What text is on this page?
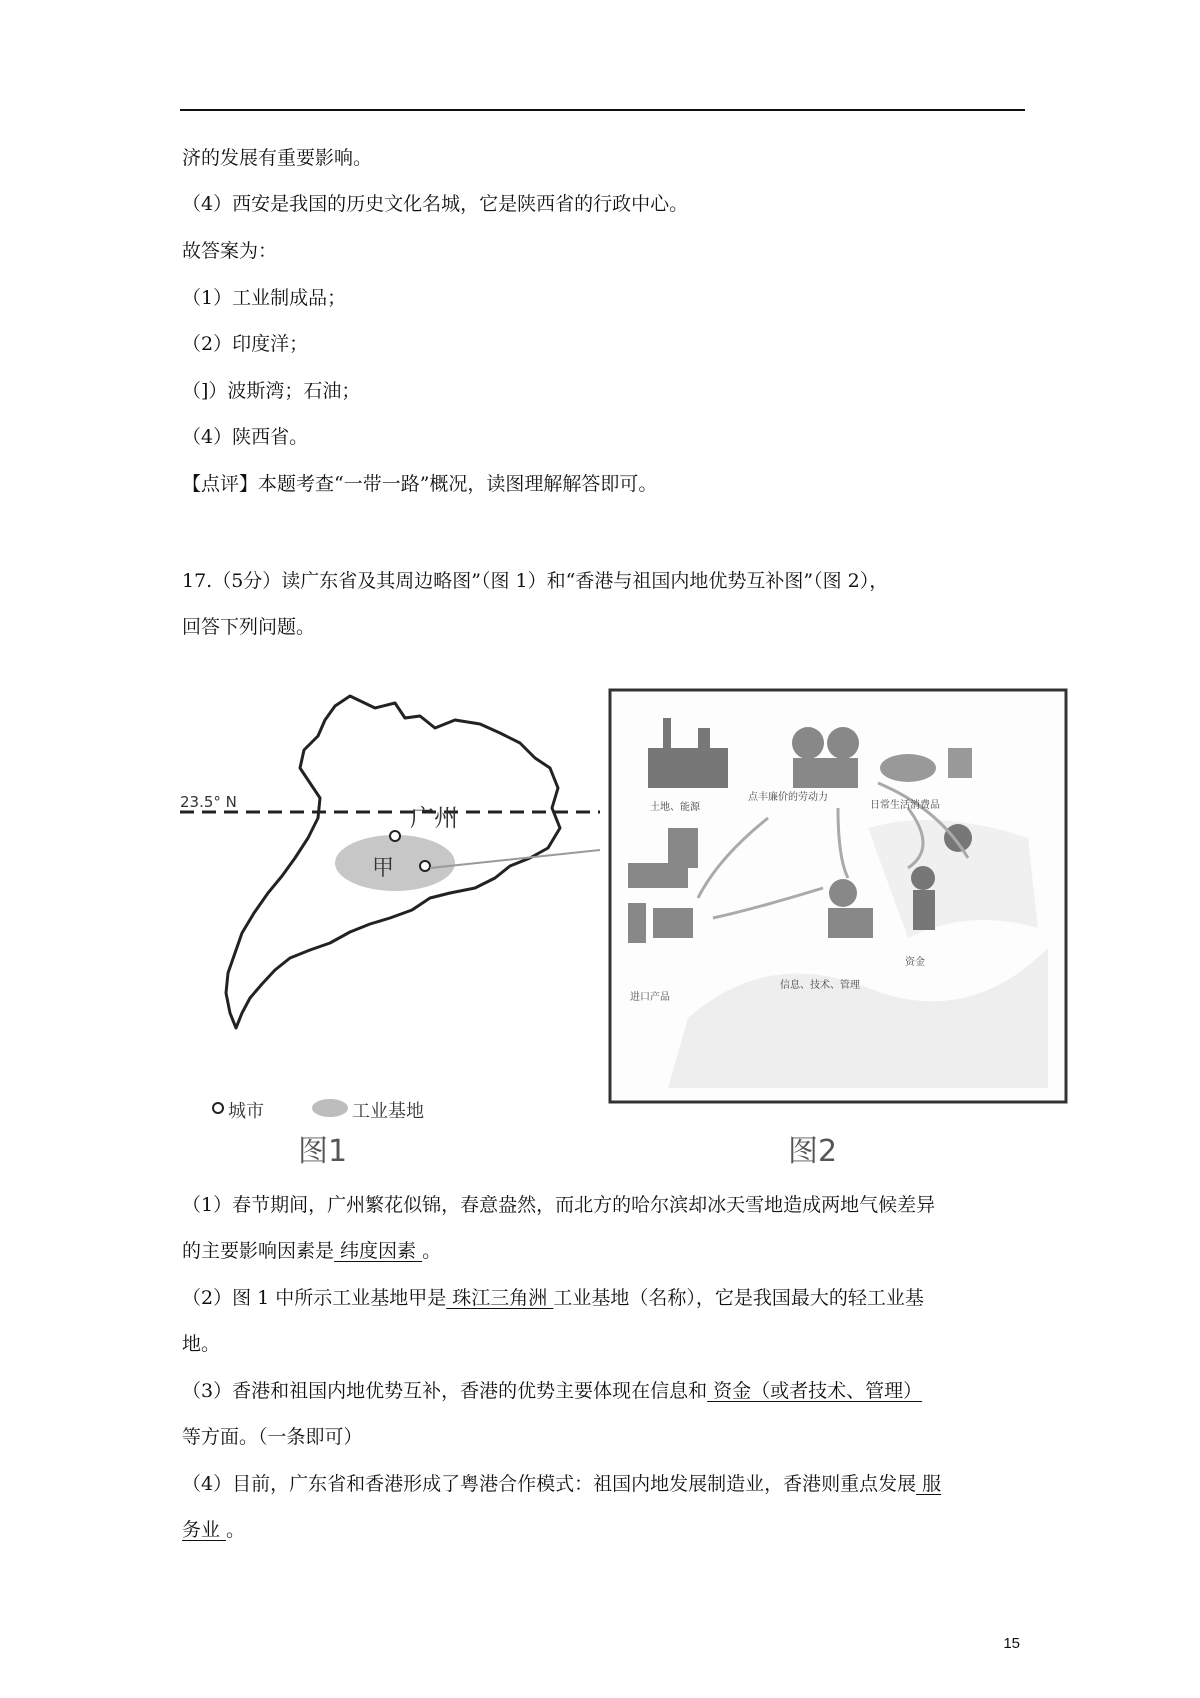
济的发展有重要影响。
（4）西安是我国的历史文化名城，它是陕西省的行政中心。
故答案为：
（1）工业制成品；
（2）印度洋；
（]）波斯湾；石油；
（4）陕西省。
【点评】本题考查“一带一路”概况，读图理解解答即可。
17.（5分）读广东省及其周边略图”（图 1）和“香港与祖国内地优势互补图”（图 2），
回答下列问题。
23.5° N
广州
甲
城市	工业基地
图1
点丰廉价的劳动力
日常生活消费品
土地、能源
进口产品
资金
信息、技术、管理
图2
（1）春节期间，广州繁花似锦，春意盎然，而北方的哈尔滨却冰天雪地造成两地气候差异
的主要影响因素是 纬度因素 。
（2）图 1 中所示工业基地甲是 珠江三角洲 工业基地（名称），它是我国最大的轻工业基
地。
（3）香港和祖国内地优势互补，香港的优势主要体现在信息和 资金（或者技术、管理）
等方面。（一条即可）
（4）目前，广东省和香港形成了粤港合作模式：祖国内地发展制造业，香港则重点发展 服
务业 。
15
